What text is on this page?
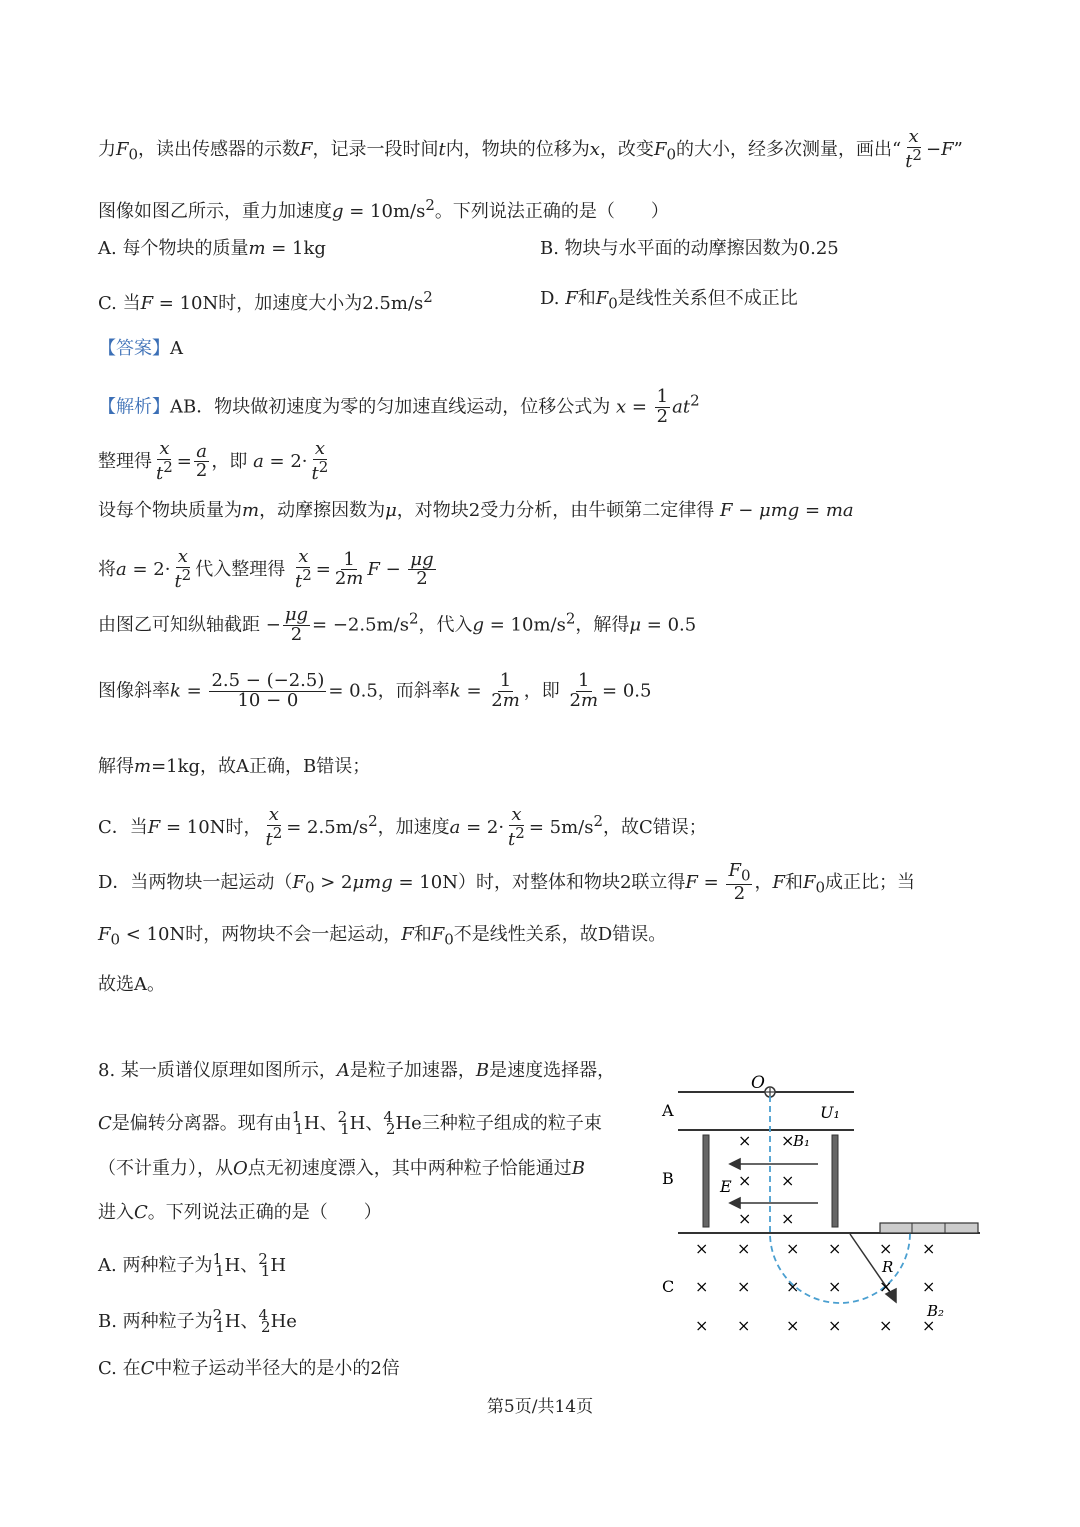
力$F_0$，读出传感器的示数F，记录一段时间t内，物块的位移为x，改变$F_0$的大小，经多次测量，画出“ $\frac{x}{t^2} -F$”
图像如图乙所示，重力加速度$g = 10m/s^2$。下列说法正确的是（　　）
A. 每个物块的质量m = 1kg	B. 物块与水平面的动摩擦因数为0.25
C. 当F = 10N时，加速度大小为$2.5m/s^2$	D. F和$F_0$是线性关系但不成正比
【答案】A
【解析】AB．物块做初速度为零的匀加速直线运动，位移公式为 $x = \frac{1}{2} at^2$
整理得 $\frac{x}{t^2} = \frac{a}{2}$ ，即 $a = 2\cdot \frac{x}{t^2}$
设每个物块质量为m，动摩擦因数为μ，对物块2受力分析，由牛顿第二定律得 F − μmg = ma
将$a = 2\cdot \frac{x}{t^2}$ 代入整理得 $\frac{x}{t^2} = \frac{1}{2m}$ $F - \frac{\mu g}{2}$
由图乙可知纵轴截距 − $\frac{\mu g}{2} = -2.5m/s^2$，代入$g = 10m/s^2$，解得μ = 0.5
图像斜率$k = \frac{2.5 - (-2.5)}{10 - 0} = 0.5$，而斜率$k = \frac{1}{2m}$ ，即 $\frac{1}{2m} = 0.5$
解得m=1kg，故A正确，B错误；
C．当F = 10N时， $\frac{x}{t^2} = 2.5m/s^2$，加速度$a = 2\cdot \frac{x}{t^2} = 5m/s^2$，故C错误；
D．当两物块一起运动$(F_0 > 2\mu mg = 10N)$时，对整体和物块2联立得$F = \frac{F_0}{2}$ ，F和$F_0$成正比；当
$F_0 < 10N$时，两物块不会一起运动，F和$F_0$不是线性关系，故D错误。
故选A。
8. 某一质谱仪原理如图所示，A是粒子加速器，B是速度选择器，
C是偏转分离器。现有由$^1_1$H、$^2_1$H、$^4_2$He三种粒子组成的粒子束
（不计重力），从O点无初速度漂入，其中两种粒子恰能通过B
进入C。下列说法正确的是（　　）
A. 两种粒子为$^1_1$H、$^2_1$H
B. 两种粒子为$^2_1$H、$^4_2$He
C. 在C中粒子运动半径大的是小的2倍
O
A	U₁
B
B₁
E
× ×
× ×
× ×
R
C
B₂
× × × × × ×
× × × × × ×
× × × × × ×
第5页/共14页
